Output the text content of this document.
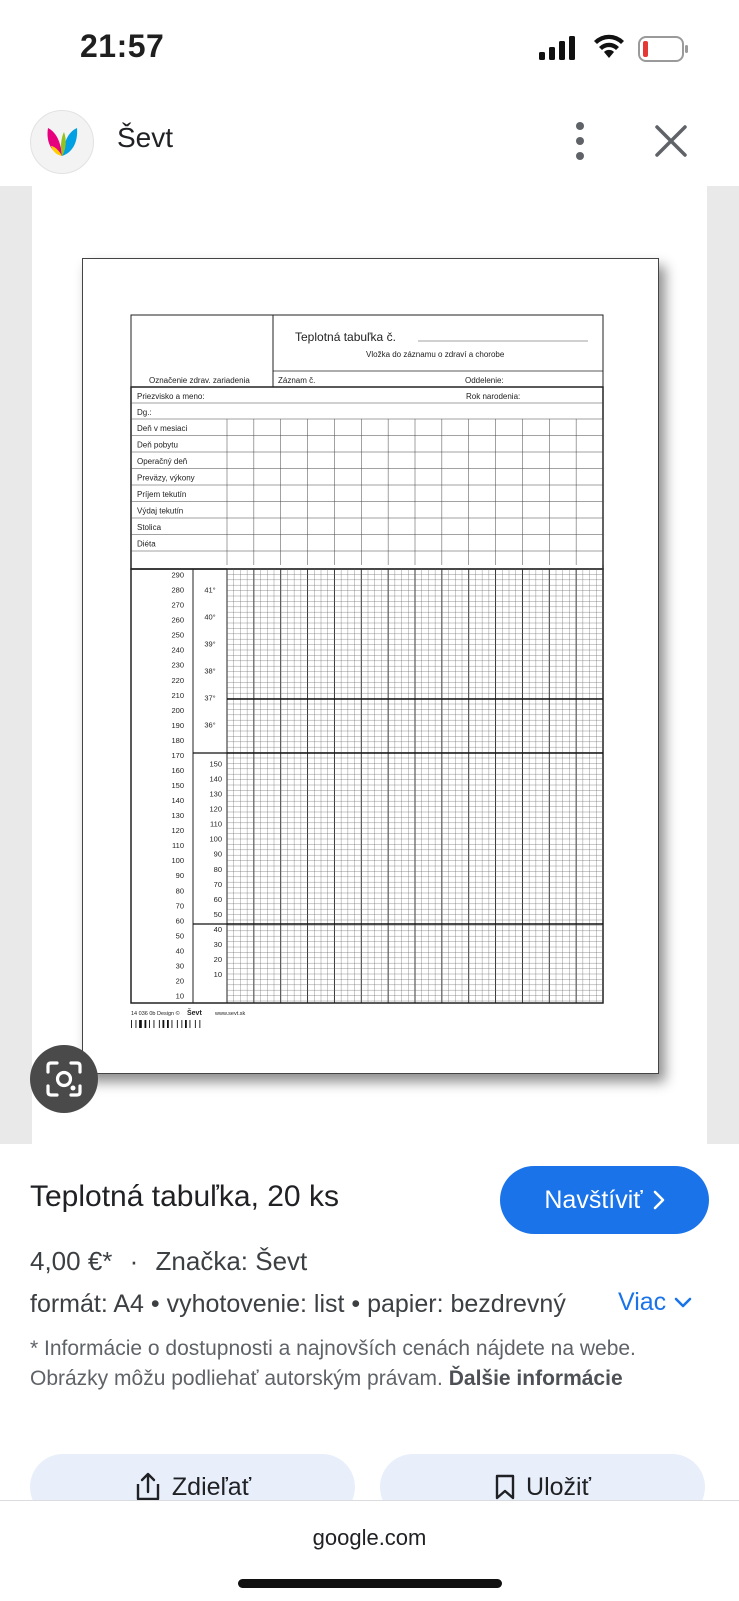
21:57
Ševt
Teplotná tabuľka č.
Vložka do záznamu o zdraví a chorobe
Označenie zdrav. zariadenia	Záznam č.	Oddelenie:
Priezvisko a meno:	Rok narodenia:
Dg.:
Deň v mesiaci
Deň pobytu
Operačný deň
Preväzy, výkony
Príjem tekutín
Výdaj tekutín
Stolica
Diéta
290
280
270
260
250
240
230
220
210
200
190
180
170
160
150
140
130
120
110
100
90
80
70
60
50
40
30
20
10
41°
40°
39°
38°
37°
36°
150
140
130
120
110
100
90
80
70
60
50
40
30
20
10
14 036 0b Design © Ševt www.sevt.sk
Teplotná tabuľka, 20 ks	Navštíviť
4,00 €* · Značka: Ševt
formát: A4 • vyhotovenie: list • papier: bezdrevný	Viac
* Informácie o dostupnosti a najnovších cenách nájdete na webe. Obrázky môžu podliehať autorským právam. Ďalšie informácie
Zdieľať	Uložiť
google.com
